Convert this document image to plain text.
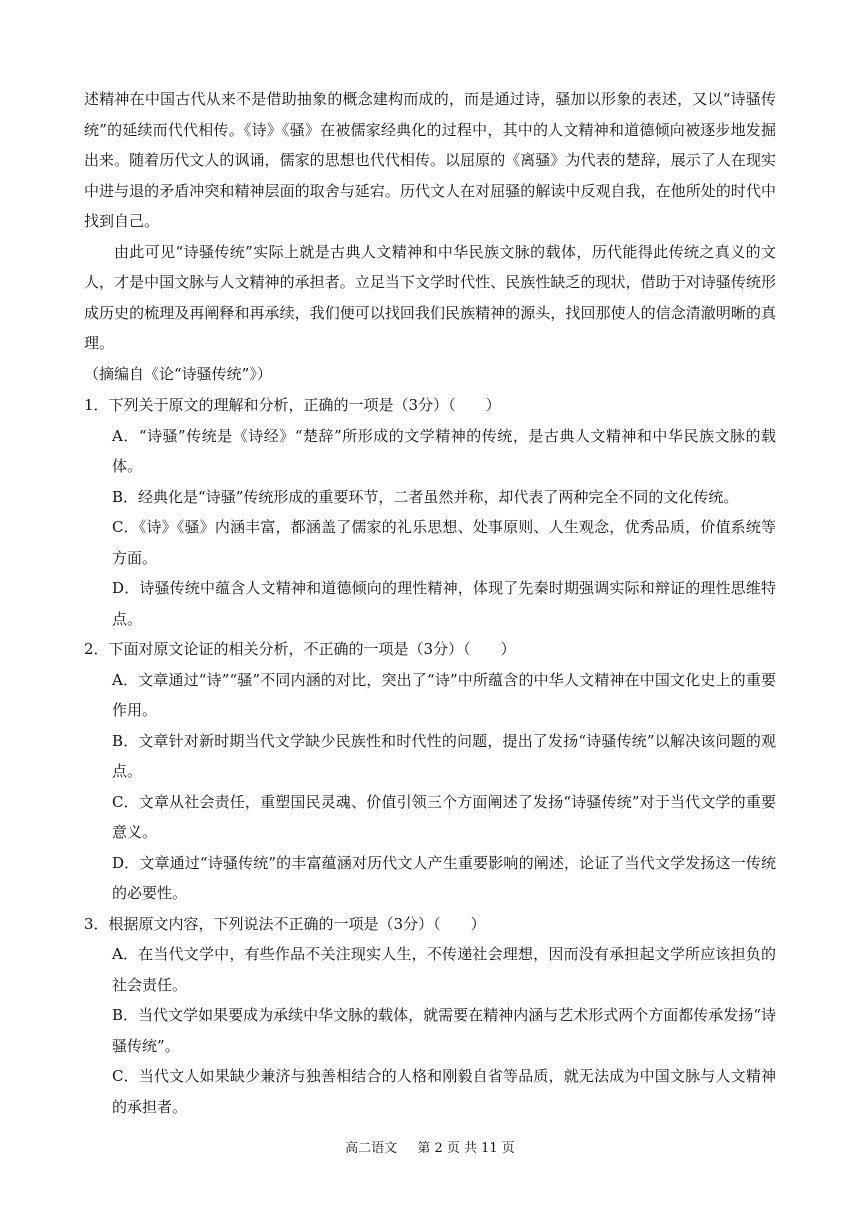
述精神在中国古代从来不是借助抽象的概念建构而成的，而是通过诗，骚加以形象的表述，又以“诗骚传统”的延续而代代相传。《诗》《骚》在被儒家经典化的过程中，其中的人文精神和道德倾向被逐步地发掘出来。随着历代文人的讽诵，儒家的思想也代代相传。以屈原的《离骚》为代表的楚辞，展示了人在现实中进与退的矛盾冲突和精神层面的取舍与延宕。历代文人在对屈骚的解读中反观自我，在他所处的时代中找到自己。

由此可见“诗骚传统”实际上就是古典人文精神和中华民族文脉的载体，历代能得此传统之真义的文人，才是中国文脉与人文精神的承担者。立足当下文学时代性、民族性缺乏的现状，借助于对诗骚传统形成历史的梳理及再阐释和再承续，我们便可以找回我们民族精神的源头，找回那使人的信念清澈明晰的真理。

（摘编自《论“诗骚传统”》）

1．下列关于原文的理解和分析，正确的一项是（3分）（　　）

A．“诗骚”传统是《诗经》“楚辞”所形成的文学精神的传统，是古典人文精神和中华民族文脉的载体。

B．经典化是“诗骚”传统形成的重要环节，二者虽然并称，却代表了两种完全不同的文化传统。

C．《诗》《骚》内涵丰富，都涵盖了儒家的礼乐思想、处事原则、人生观念，优秀品质，价值系统等方面。

D．诗骚传统中蕴含人文精神和道德倾向的理性精神，体现了先秦时期强调实际和辩证的理性思维特点。

2．下面对原文论证的相关分析，不正确的一项是（3分）（　　）

A．文章通过“诗”“骚”不同内涵的对比，突出了“诗”中所蕴含的中华人文精神在中国文化史上的重要作用。

B．文章针对新时期当代文学缺少民族性和时代性的问题，提出了发扬“诗骚传统”以解决该问题的观点。

C．文章从社会责任，重塑国民灵魂、价值引领三个方面阐述了发扬“诗骚传统”对于当代文学的重要意义。

D．文章通过“诗骚传统”的丰富蕴涵对历代文人产生重要影响的阐述，论证了当代文学发扬这一传统的必要性。

3．根据原文内容，下列说法不正确的一项是（3分）（　　）

A．在当代文学中，有些作品不关注现实人生，不传递社会理想，因而没有承担起文学所应该担负的社会责任。

B．当代文学如果要成为承续中华文脉的载体，就需要在精神内涵与艺术形式两个方面都传承发扬“诗骚传统”。

C．当代文人如果缺少兼济与独善相结合的人格和刚毅自省等品质，就无法成为中国文脉与人文精神的承担者。

高二语文 第 2 页 共 11 页
